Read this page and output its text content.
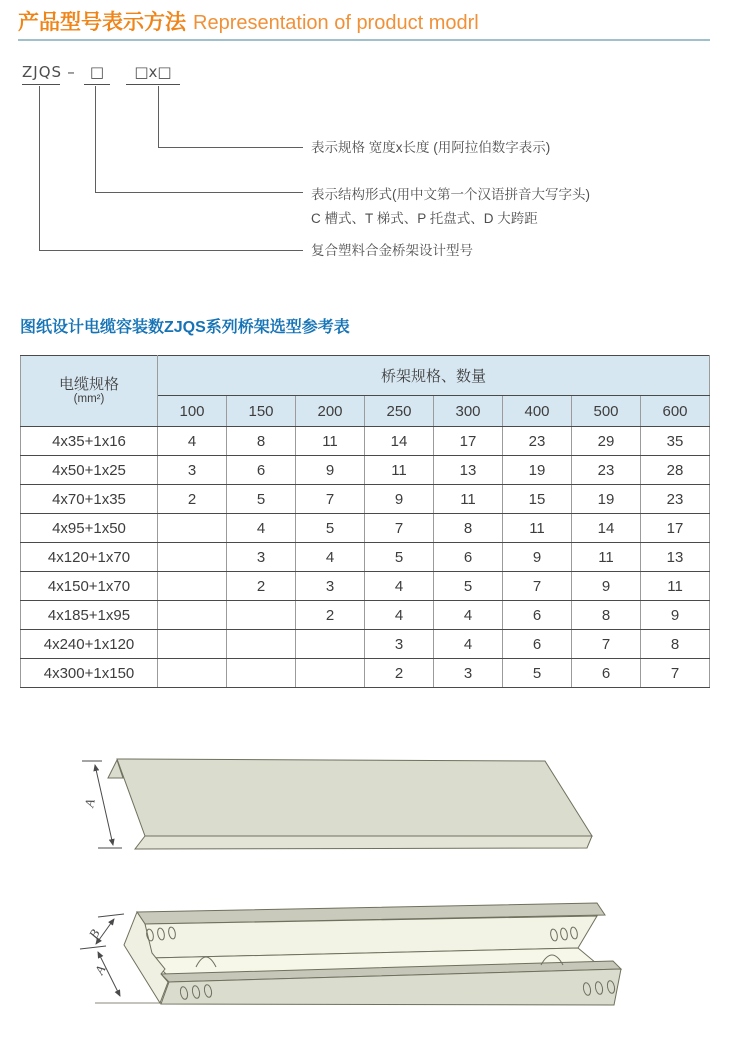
产品型号表示方法 Representation of product modrl
ZJQS –	□	□x□
表示规格 宽度x长度 (用阿拉伯数字表示)
表示结构形式(用中文第一个汉语拼音大写字头)
C 槽式、T 梯式、P 托盘式、D 大跨距
复合塑料合金桥架设计型号
图纸设计电缆容装数ZJQS系列桥架选型参考表
电缆规格
(mm²)	桥架规格、数量							
	100	150	200	250	300	400	500	600
4x35+1x16	4	8	11	14	17	23	29	35
4x50+1x25	3	6	9	11	13	19	23	28
4x70+1x35	2	5	7	9	11	15	19	23
4x95+1x50		4	5	7	8	11	14	17
4x120+1x70		3	4	5	6	9	11	13
4x150+1x70		2	3	4	5	7	9	11
4x185+1x95			2	4	4	6	8	9
4x240+1x120				3	4	6	7	8
4x300+1x150				2	3	5	6	7
A
B
A
